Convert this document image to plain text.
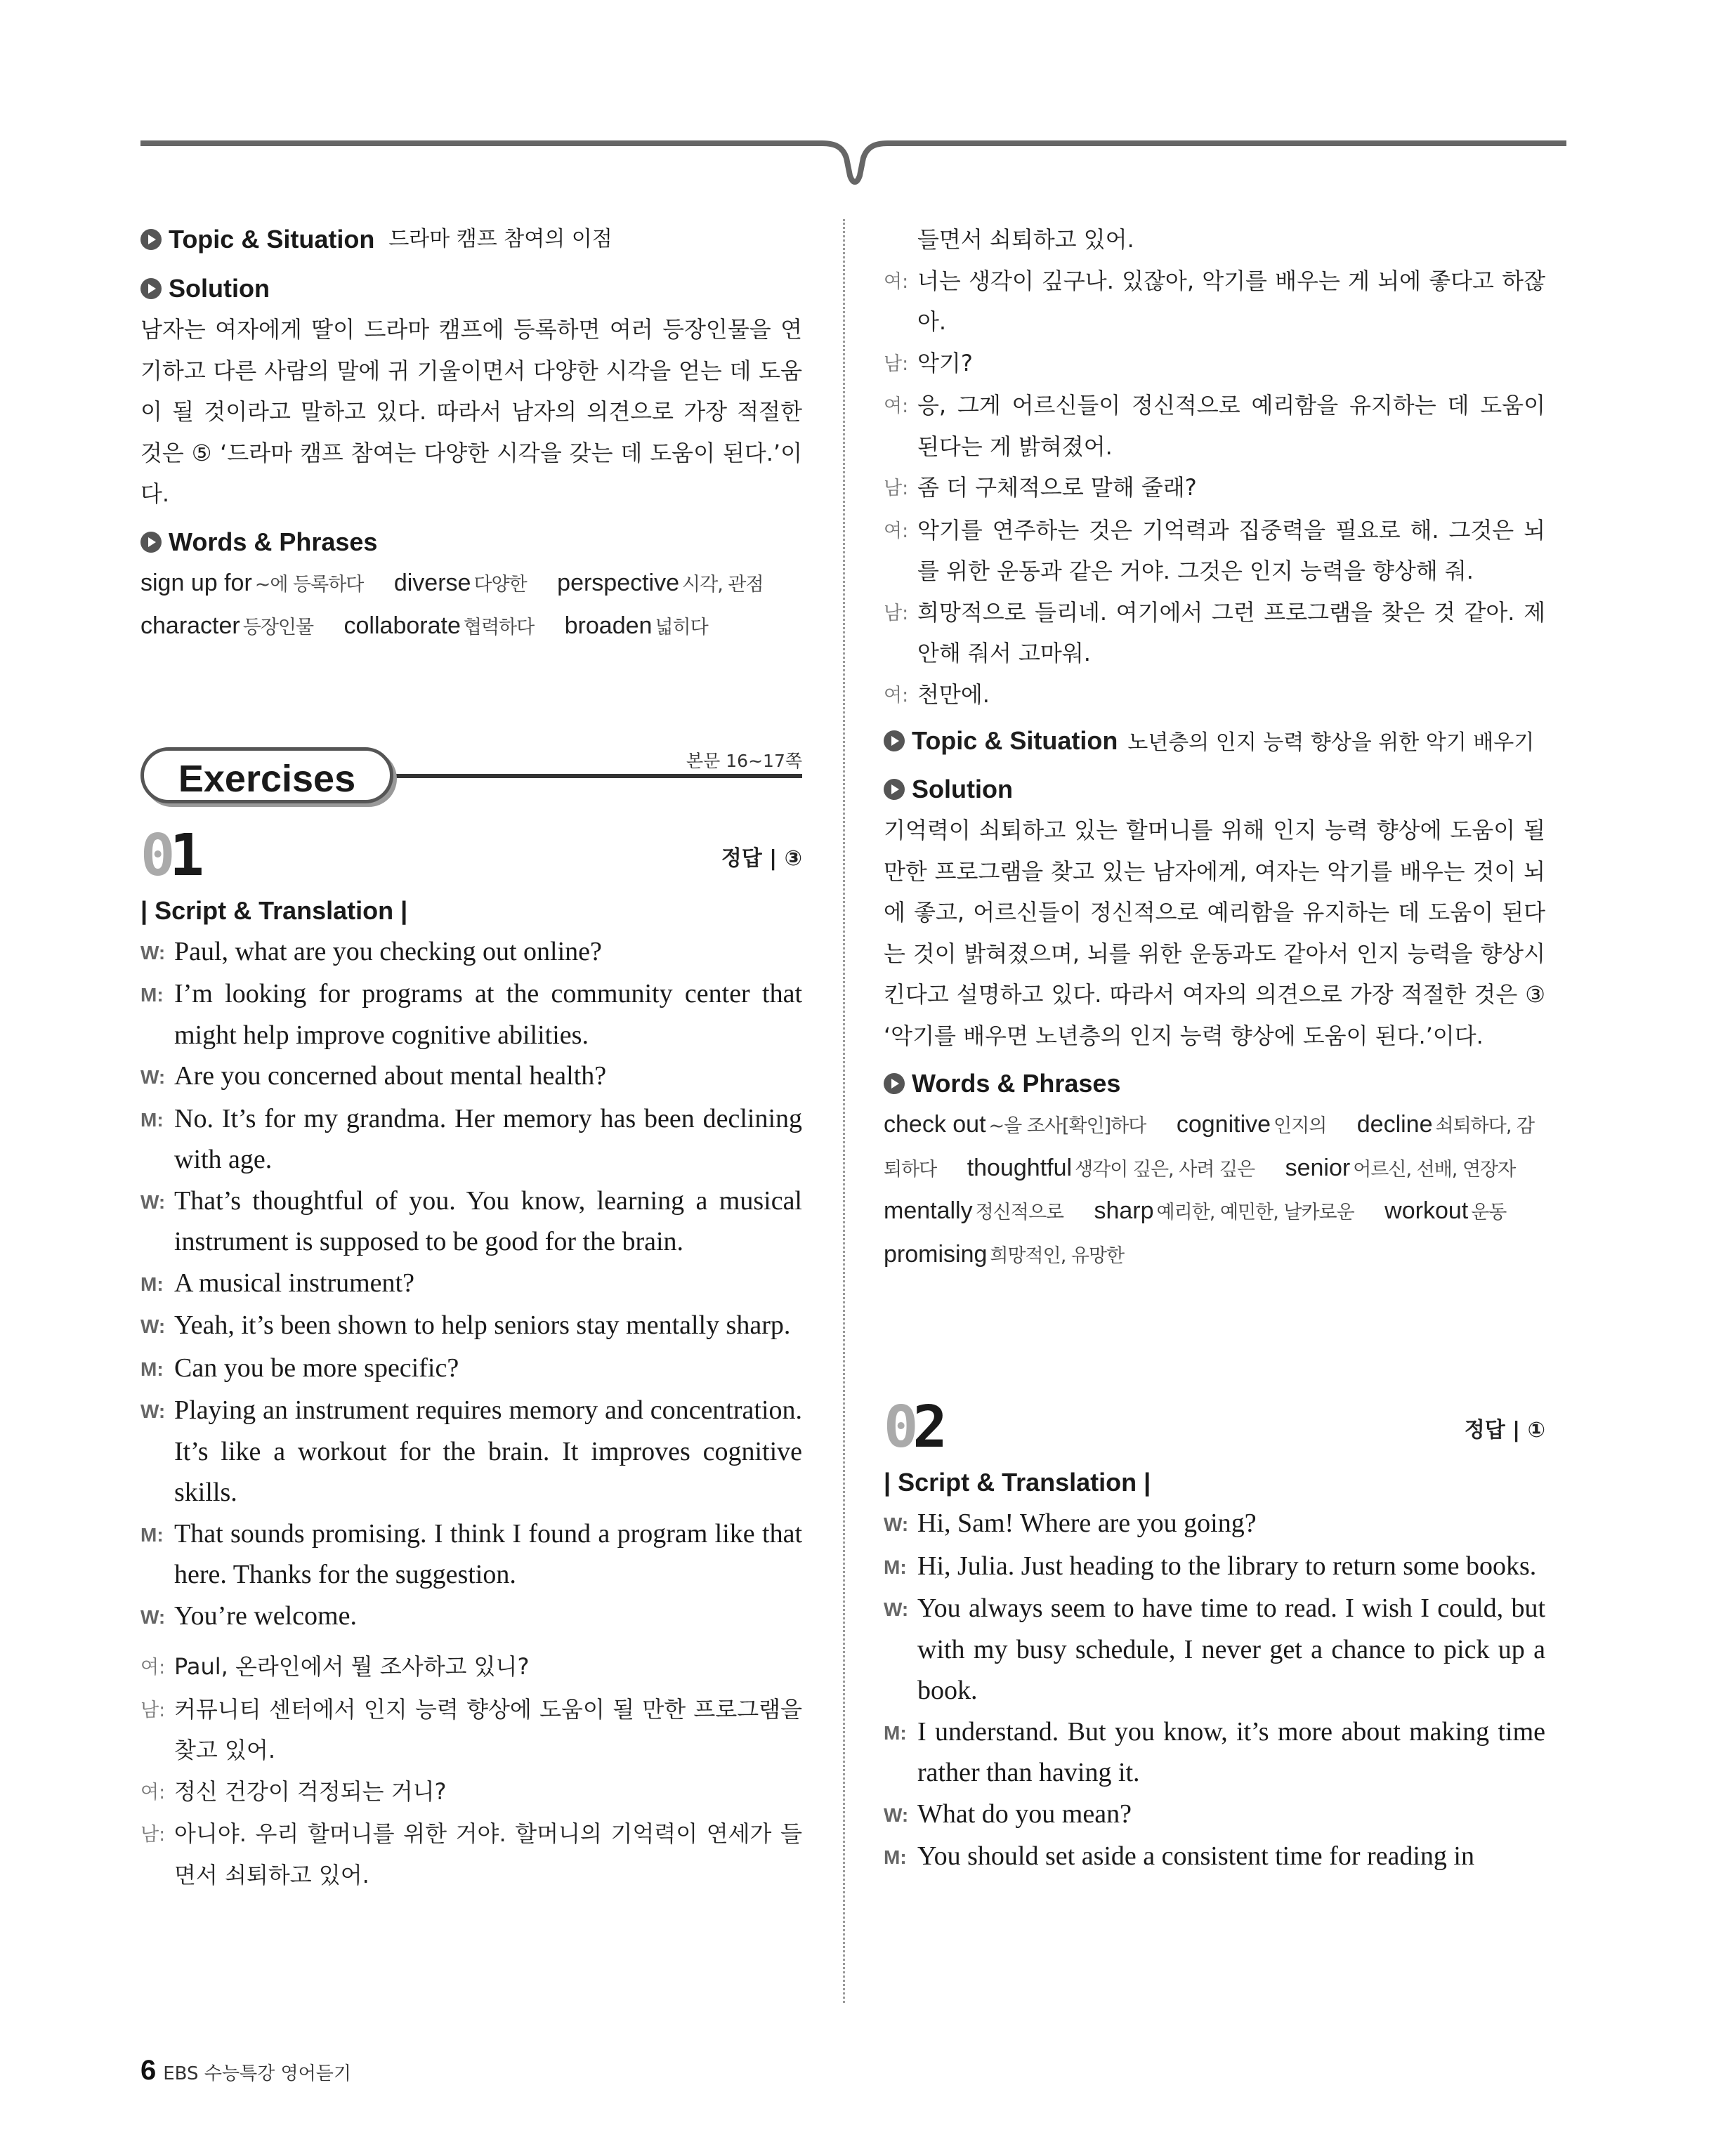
Topic & Situation 드라마 캠프 참여의 이점
Solution

남자는 여자에게 딸이 드라마 캠프에 등록하면 여러 등장인물을 연기하고 다른 사람의 말에 귀 기울이면서 다양한 시각을 얻는 데 도움이 될 것이라고 말하고 있다. 따라서 남자의 의견으로 가장 적절한 것은 ⑤ ‘드라마 캠프 참여는 다양한 시각을 갖는 데 도움이 된다.’이다.

Words & Phrases

sign up for ~에 등록하다 diverse 다양한 perspective 시각, 관점 character 등장인물 collaborate 협력하다 broaden 넓히다

Exercises	본문 16~17쪽
01	정답 | ③
| Script & Translation |
W: Paul, what are you checking out online?
M: I’m looking for programs at the community center that might help improve cognitive abilities.
W: Are you concerned about mental health?
M: No. It’s for my grandma. Her memory has been declining with age.
W: That’s thoughtful of you. You know, learning a musical instrument is supposed to be good for the brain.
M: A musical instrument?
W: Yeah, it’s been shown to help seniors stay mentally sharp.
M: Can you be more specific?
W: Playing an instrument requires memory and concentration. It’s like a workout for the brain. It improves cognitive skills.
M: That sounds promising. I think I found a program like that here. Thanks for the suggestion.
W: You’re welcome.
여: Paul, 온라인에서 뭘 조사하고 있니?
남: 커뮤니티 센터에서 인지 능력 향상에 도움이 될 만한 프로그램을 찾고 있어.
여: 정신 건강이 걱정되는 거니?
남: 아니야. 우리 할머니를 위한 거야. 할머니의 기억력이 연세가 들면서 쇠퇴하고 있어.
들면서 쇠퇴하고 있어.
여: 너는 생각이 깊구나. 있잖아, 악기를 배우는 게 뇌에 좋다고 하잖아.
남: 악기?
여: 응, 그게 어르신들이 정신적으로 예리함을 유지하는 데 도움이 된다는 게 밝혀졌어.
남: 좀 더 구체적으로 말해 줄래?
여: 악기를 연주하는 것은 기억력과 집중력을 필요로 해. 그것은 뇌를 위한 운동과 같은 거야. 그것은 인지 능력을 향상해 줘.
남: 희망적으로 들리네. 여기에서 그런 프로그램을 찾은 것 같아. 제안해 줘서 고마워.
여: 천만에.
Topic & Situation 노년층의 인지 능력 향상을 위한 악기 배우기
Solution

기억력이 쇠퇴하고 있는 할머니를 위해 인지 능력 향상에 도움이 될 만한 프로그램을 찾고 있는 남자에게, 여자는 악기를 배우는 것이 뇌에 좋고, 어르신들이 정신적으로 예리함을 유지하는 데 도움이 된다는 것이 밝혀졌으며, 뇌를 위한 운동과도 같아서 인지 능력을 향상시킨다고 설명하고 있다. 따라서 여자의 의견으로 가장 적절한 것은 ③ ‘악기를 배우면 노년층의 인지 능력 향상에 도움이 된다.’이다.

Words & Phrases

check out ~을 조사[확인]하다 cognitive 인지의 decline 쇠퇴하다, 감퇴하다 thoughtful 생각이 깊은, 사려 깊은 senior 어르신, 선배, 연장자 mentally 정신적으로 sharp 예리한, 예민한, 날카로운 workout 운동 promising 희망적인, 유망한

02	정답 | ①
| Script & Translation |
W: Hi, Sam! Where are you going?
M: Hi, Julia. Just heading to the library to return some books.
W: You always seem to have time to read. I wish I could, but with my busy schedule, I never get a chance to pick up a book.
M: I understand. But you know, it’s more about making time rather than having it.
W: What do you mean?
M: You should set aside a consistent time for reading in
6 EBS 수능특강 영어듣기
